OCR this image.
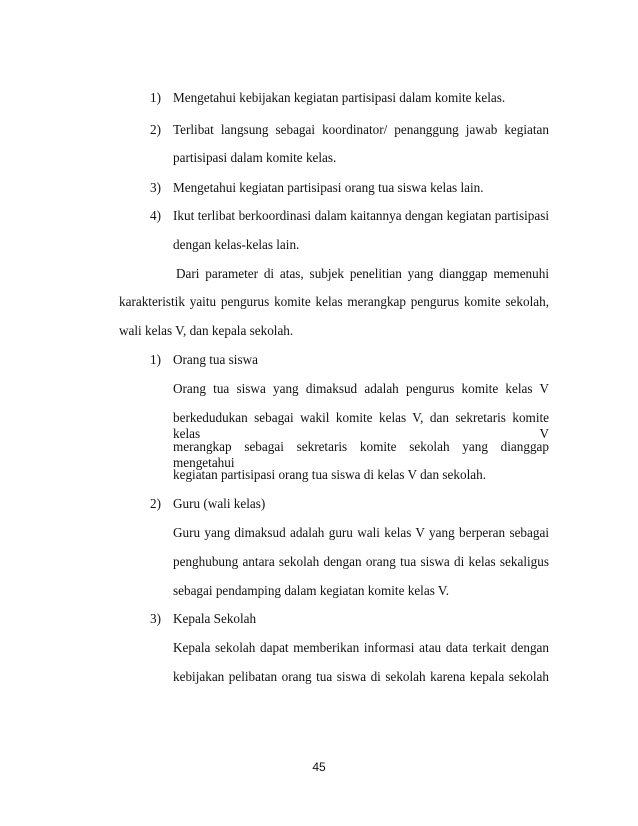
1) Mengetahui kebijakan kegiatan partisipasi dalam komite kelas.
2) Terlibat langsung sebagai koordinator/ penanggung jawab kegiatan
partisipasi dalam komite kelas.
3) Mengetahui kegiatan partisipasi orang tua siswa kelas lain.
4) Ikut terlibat berkoordinasi dalam kaitannya dengan kegiatan partisipasi
dengan kelas-kelas lain.
Dari parameter di atas, subjek penelitian yang dianggap memenuhi
karakteristik yaitu pengurus komite kelas merangkap pengurus komite sekolah,
wali kelas V, dan kepala sekolah.
1) Orang tua siswa
Orang tua siswa yang dimaksud adalah pengurus komite kelas V
berkedudukan sebagai wakil komite kelas V, dan sekretaris komite kelas V
merangkap sebagai sekretaris komite sekolah yang dianggap mengetahui
kegiatan partisipasi orang tua siswa di kelas V dan sekolah.
2) Guru (wali kelas)
Guru yang dimaksud adalah guru wali kelas V yang berperan sebagai
penghubung antara sekolah dengan orang tua siswa di kelas sekaligus
sebagai pendamping dalam kegiatan komite kelas V.
3) Kepala Sekolah
Kepala sekolah dapat memberikan informasi atau data terkait dengan
kebijakan pelibatan orang tua siswa di sekolah karena kepala sekolah
45
